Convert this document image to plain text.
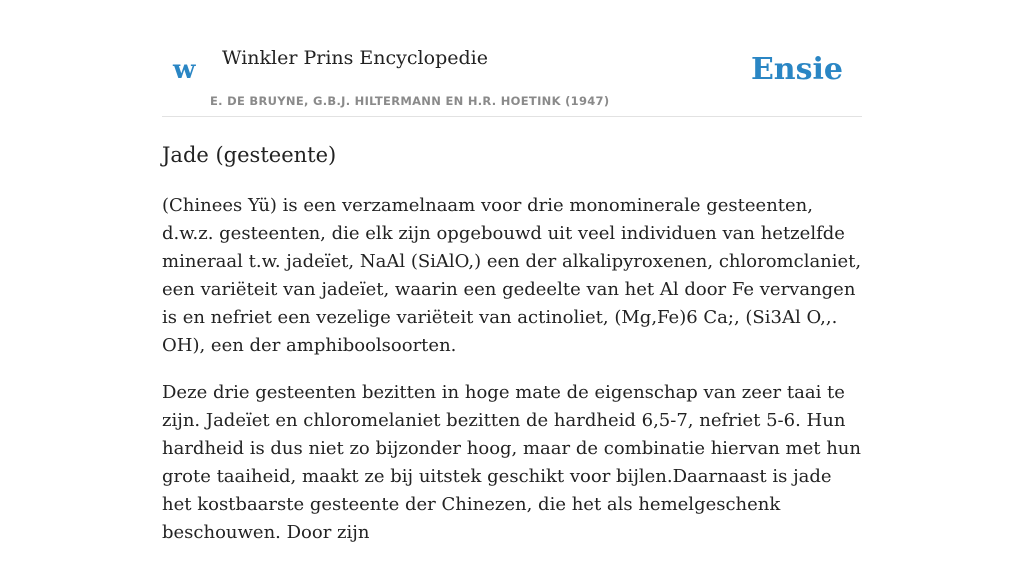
w Winkler Prins Encyclopedie
E. DE BRUYNE, G.B.J. HILTERMANN EN H.R. HOETINK (1947)
Ensie
Jade (gesteente)

(Chinees Yü) is een verzamelnaam voor drie monominerale gesteenten, d.w.z. gesteenten, die elk zijn opgebouwd uit veel individuen van hetzelfde mineraal t.w. jadeïet, NaAl (SiAlO,) een der alkalipyroxenen, chloromclaniet, een variëteit van jadeïet, waarin een gedeelte van het Al door Fe vervangen is en nefriet een vezelige variëteit van actinoliet, (Mg,Fe)6 Ca;, (Si3Al O,,. OH), een der amphiboolsoorten.

Deze drie gesteenten bezitten in hoge mate de eigenschap van zeer taai te zijn. Jadeïet en chloromelaniet bezitten de hardheid 6,5-7, nefriet 5-6. Hun hardheid is dus niet zo bijzonder hoog, maar de combinatie hiervan met hun grote taaiheid, maakt ze bij uitstek geschikt voor bijlen.Daarnaast is jade het kostbaarste gesteente der Chinezen, die het als hemelgeschenk beschouwen. Door zijn
